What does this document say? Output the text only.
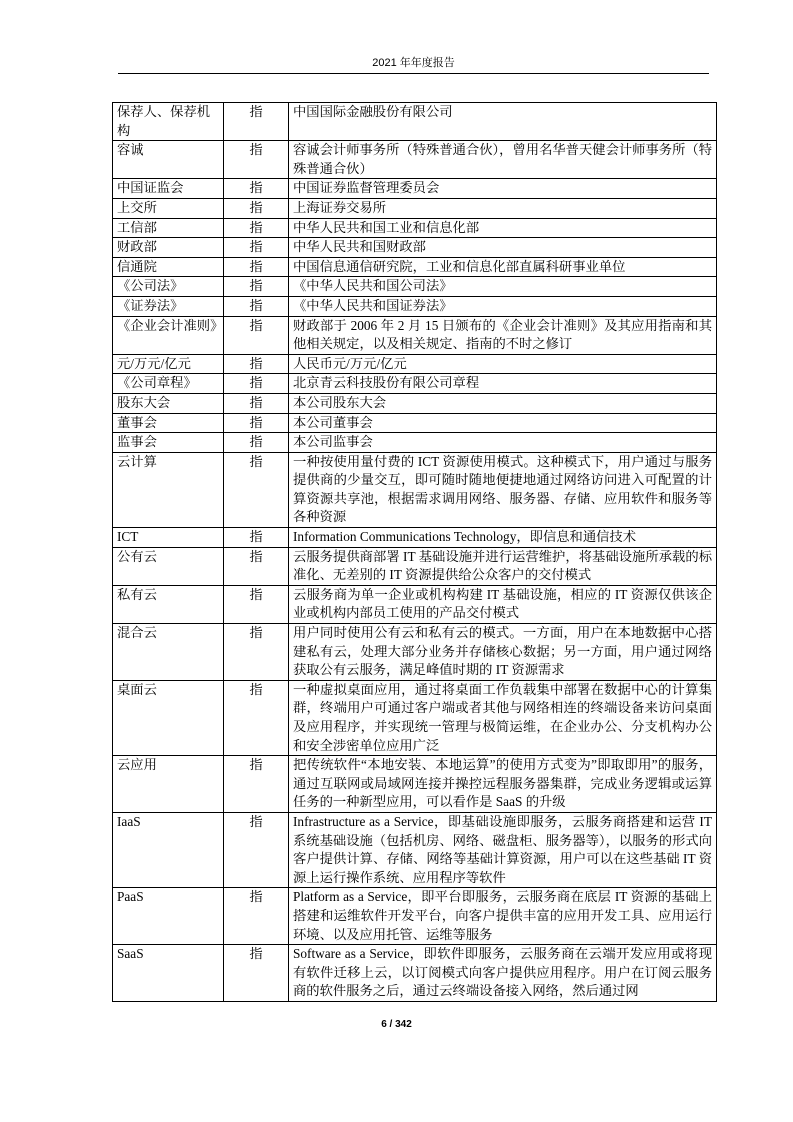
2021 年年度报告
保荐人、保荐机构	指	中国国际金融股份有限公司
容诚	指	容诚会计师事务所（特殊普通合伙），曾用名华普天健会计师事务所（特殊普通合伙）
中国证监会	指	中国证券监督管理委员会
上交所	指	上海证券交易所
工信部	指	中华人民共和国工业和信息化部
财政部	指	中华人民共和国财政部
信通院	指	中国信息通信研究院，工业和信息化部直属科研事业单位
《公司法》	指	《中华人民共和国公司法》
《证券法》	指	《中华人民共和国证券法》
《企业会计准则》	指	财政部于 2006 年 2 月 15 日颁布的《企业会计准则》及其应用指南和其他相关规定，以及相关规定、指南的不时之修订
元/万元/亿元	指	人民币元/万元/亿元
《公司章程》	指	北京青云科技股份有限公司章程
股东大会	指	本公司股东大会
董事会	指	本公司董事会
监事会	指	本公司监事会
云计算	指	一种按使用量付费的 ICT 资源使用模式。这种模式下，用户通过与服务提供商的少量交互，即可随时随地便捷地通过网络访问进入可配置的计算资源共享池，根据需求调用网络、服务器、存储、应用软件和服务等各种资源
ICT	指	Information Communications Technology，即信息和通信技术
公有云	指	云服务提供商部署 IT 基础设施并进行运营维护，将基础设施所承载的标准化、无差别的 IT 资源提供给公众客户的交付模式
私有云	指	云服务商为单一企业或机构构建 IT 基础设施，相应的 IT 资源仅供该企业或机构内部员工使用的产品交付模式
混合云	指	用户同时使用公有云和私有云的模式。一方面，用户在本地数据中心搭建私有云，处理大部分业务并存储核心数据；另一方面，用户通过网络获取公有云服务，满足峰值时期的 IT 资源需求
桌面云	指	一种虚拟桌面应用，通过将桌面工作负载集中部署在数据中心的计算集群，终端用户可通过客户端或者其他与网络相连的终端设备来访问桌面及应用程序，并实现统一管理与极简运维，在企业办公、分支机构办公和安全涉密单位应用广泛
云应用	指	把传统软件“本地安装、本地运算”的使用方式变为”即取即用”的服务，通过互联网或局域网连接并操控远程服务器集群，完成业务逻辑或运算任务的一种新型应用，可以看作是 SaaS 的升级
IaaS	指	Infrastructure as a Service，即基础设施即服务，云服务商搭建和运营 IT 系统基础设施（包括机房、网络、磁盘柜、服务器等），以服务的形式向客户提供计算、存储、网络等基础计算资源，用户可以在这些基础 IT 资源上运行操作系统、应用程序等软件
PaaS	指	Platform as a Service，即平台即服务，云服务商在底层 IT 资源的基础上搭建和运维软件开发平台，向客户提供丰富的应用开发工具、应用运行环境、以及应用托管、运维等服务
SaaS	指	Software as a Service，即软件即服务，云服务商在云端开发应用或将现有软件迁移上云，以订阅模式向客户提供应用程序。用户在订阅云服务商的软件服务之后，通过云终端设备接入网络，然后通过网
6 / 342
